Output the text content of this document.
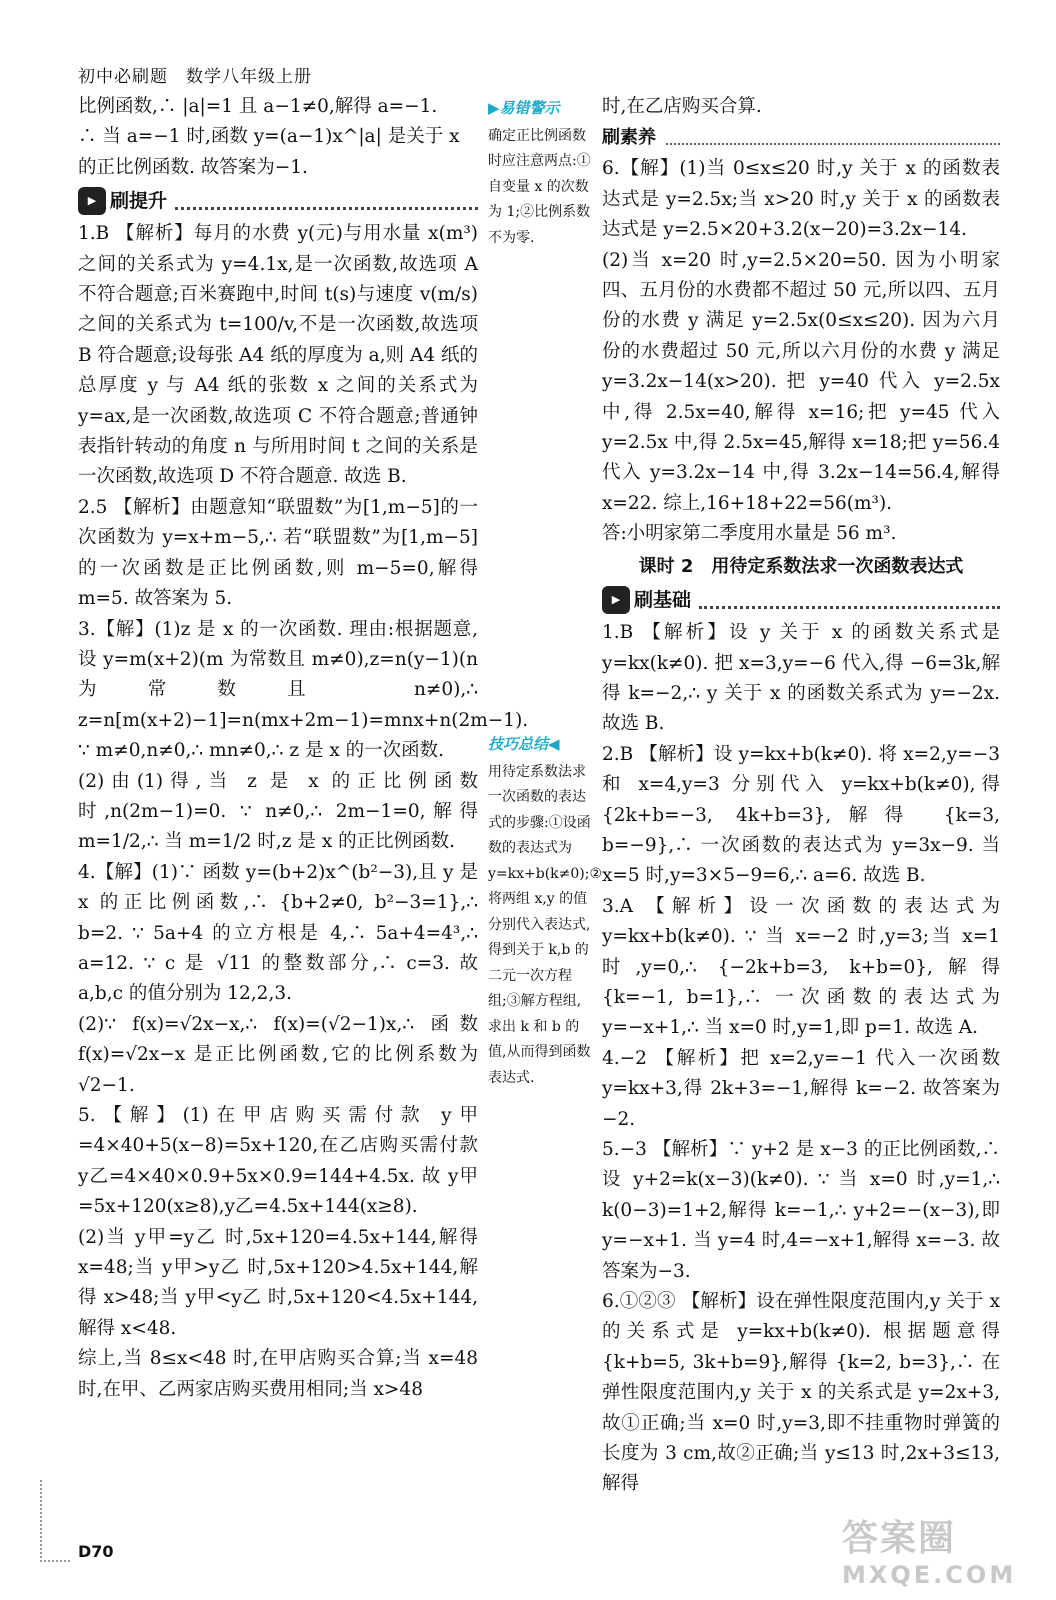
初中必刷题　数学八年级上册

比例函数,∴ |a|=1 且 a−1≠0,解得 a=−1.

∴ 当 a=−1 时,函数 y=(a−1)x^|a| 是关于 x

的正比例函数. 故答案为−1.

▶ 刷提升

1.B 【解析】每月的水费 y(元)与用水量 x(m³)之间的关系式为 y=4.1x,是一次函数,故选项 A 不符合题意;百米赛跑中,时间 t(s)与速度 v(m/s)之间的关系式为 t=100/v,不是一次函数,故选项 B 符合题意;设每张 A4 纸的厚度为 a,则 A4 纸的总厚度 y 与 A4 纸的张数 x 之间的关系式为 y=ax,是一次函数,故选项 C 不符合题意;普通钟表指针转动的角度 n 与所用时间 t 之间的关系是一次函数,故选项 D 不符合题意. 故选 B.

2.5 【解析】由题意知“联盟数”为[1,m−5]的一次函数为 y=x+m−5,∴ 若“联盟数”为[1,m−5]的一次函数是正比例函数,则 m−5=0,解得 m=5. 故答案为 5.

3.【解】(1)z 是 x 的一次函数. 理由:根据题意,设 y=m(x+2)(m 为常数且 m≠0),z=n(y−1)(n 为常数且 n≠0),∴ z=n[m(x+2)−1]=n(mx+2m−1)=mnx+n(2m−1). ∵ m≠0,n≠0,∴ mn≠0,∴ z 是 x 的一次函数.

(2)由(1)得,当 z 是 x 的正比例函数时,n(2m−1)=0. ∵ n≠0,∴ 2m−1=0,解得 m=1/2,∴ 当 m=1/2 时,z 是 x 的正比例函数.

4.【解】(1)∵ 函数 y=(b+2)x^(b²−3),且 y 是 x 的正比例函数,∴ {b+2≠0, b²−3=1},∴ b=2. ∵ 5a+4 的立方根是 4,∴ 5a+4=4³,∴ a=12. ∵ c 是 √11 的整数部分,∴ c=3. 故 a,b,c 的值分别为 12,2,3.

(2)∵ f(x)=√2x−x,∴ f(x)=(√2−1)x,∴ 函数 f(x)=√2x−x 是正比例函数,它的比例系数为 √2−1.

5.【解】(1)在甲店购买需付款 y甲=4×40+5(x−8)=5x+120,在乙店购买需付款 y乙=4×40×0.9+5x×0.9=144+4.5x. 故 y甲=5x+120(x≥8),y乙=4.5x+144(x≥8).

(2)当 y甲=y乙 时,5x+120=4.5x+144,解得 x=48;当 y甲>y乙 时,5x+120>4.5x+144,解得 x>48;当 y甲<y乙 时,5x+120<4.5x+144,解得 x<48.

综上,当 8≤x<48 时,在甲店购买合算;当 x=48 时,在甲、乙两家店购买费用相同;当 x>48

▶易错警示
确定正比例函数时应注意两点:①自变量 x 的次数为 1;②比例系数不为零.
技巧总结◀
用待定系数法求一次函数的表达式的步骤:①设函数的表达式为 y=kx+b(k≠0);②将两组 x,y 的值分别代入表达式,得到关于 k,b 的二元一次方程组;③解方程组,求出 k 和 b 的值,从而得到函数表达式.

时,在乙店购买合算.

刷素养

6.【解】(1)当 0≤x≤20 时,y 关于 x 的函数表达式是 y=2.5x;当 x>20 时,y 关于 x 的函数表达式是 y=2.5×20+3.2(x−20)=3.2x−14.

(2)当 x=20 时,y=2.5×20=50. 因为小明家四、五月份的水费都不超过 50 元,所以四、五月份的水费 y 满足 y=2.5x(0≤x≤20). 因为六月份的水费超过 50 元,所以六月份的水费 y 满足 y=3.2x−14(x>20). 把 y=40 代入 y=2.5x 中,得 2.5x=40,解得 x=16;把 y=45 代入 y=2.5x 中,得 2.5x=45,解得 x=18;把 y=56.4 代入 y=3.2x−14 中,得 3.2x−14=56.4,解得 x=22. 综上,16+18+22=56(m³).

答:小明家第二季度用水量是 56 m³.

课时 2　用待定系数法求一次函数表达式
▶ 刷基础

1.B 【解析】设 y 关于 x 的函数关系式是 y=kx(k≠0). 把 x=3,y=−6 代入,得 −6=3k,解得 k=−2,∴ y 关于 x 的函数关系式为 y=−2x. 故选 B.

2.B 【解析】设 y=kx+b(k≠0). 将 x=2,y=−3 和 x=4,y=3 分别代入 y=kx+b(k≠0),得 {2k+b=−3, 4k+b=3},解得 {k=3, b=−9},∴ 一次函数的表达式为 y=3x−9. 当 x=5 时,y=3×5−9=6,∴ a=6. 故选 B.

3.A 【解析】设一次函数的表达式为 y=kx+b(k≠0). ∵ 当 x=−2 时,y=3;当 x=1 时,y=0,∴ {−2k+b=3, k+b=0},解得 {k=−1, b=1},∴ 一次函数的表达式为 y=−x+1,∴ 当 x=0 时,y=1,即 p=1. 故选 A.

4.−2 【解析】把 x=2,y=−1 代入一次函数 y=kx+3,得 2k+3=−1,解得 k=−2. 故答案为−2.

5.−3 【解析】∵ y+2 是 x−3 的正比例函数,∴ 设 y+2=k(x−3)(k≠0). ∵ 当 x=0 时,y=1,∴ k(0−3)=1+2,解得 k=−1,∴ y+2=−(x−3),即 y=−x+1. 当 y=4 时,4=−x+1,解得 x=−3. 故答案为−3.

6.①②③ 【解析】设在弹性限度范围内,y 关于 x 的关系式是 y=kx+b(k≠0). 根据题意得 {k+b=5, 3k+b=9},解得 {k=2, b=3},∴ 在弹性限度范围内,y 关于 x 的关系式是 y=2x+3,故①正确;当 x=0 时,y=3,即不挂重物时弹簧的长度为 3 cm,故②正确;当 y≤13 时,2x+3≤13,解得

D70	答案圈
MXQE.COM
